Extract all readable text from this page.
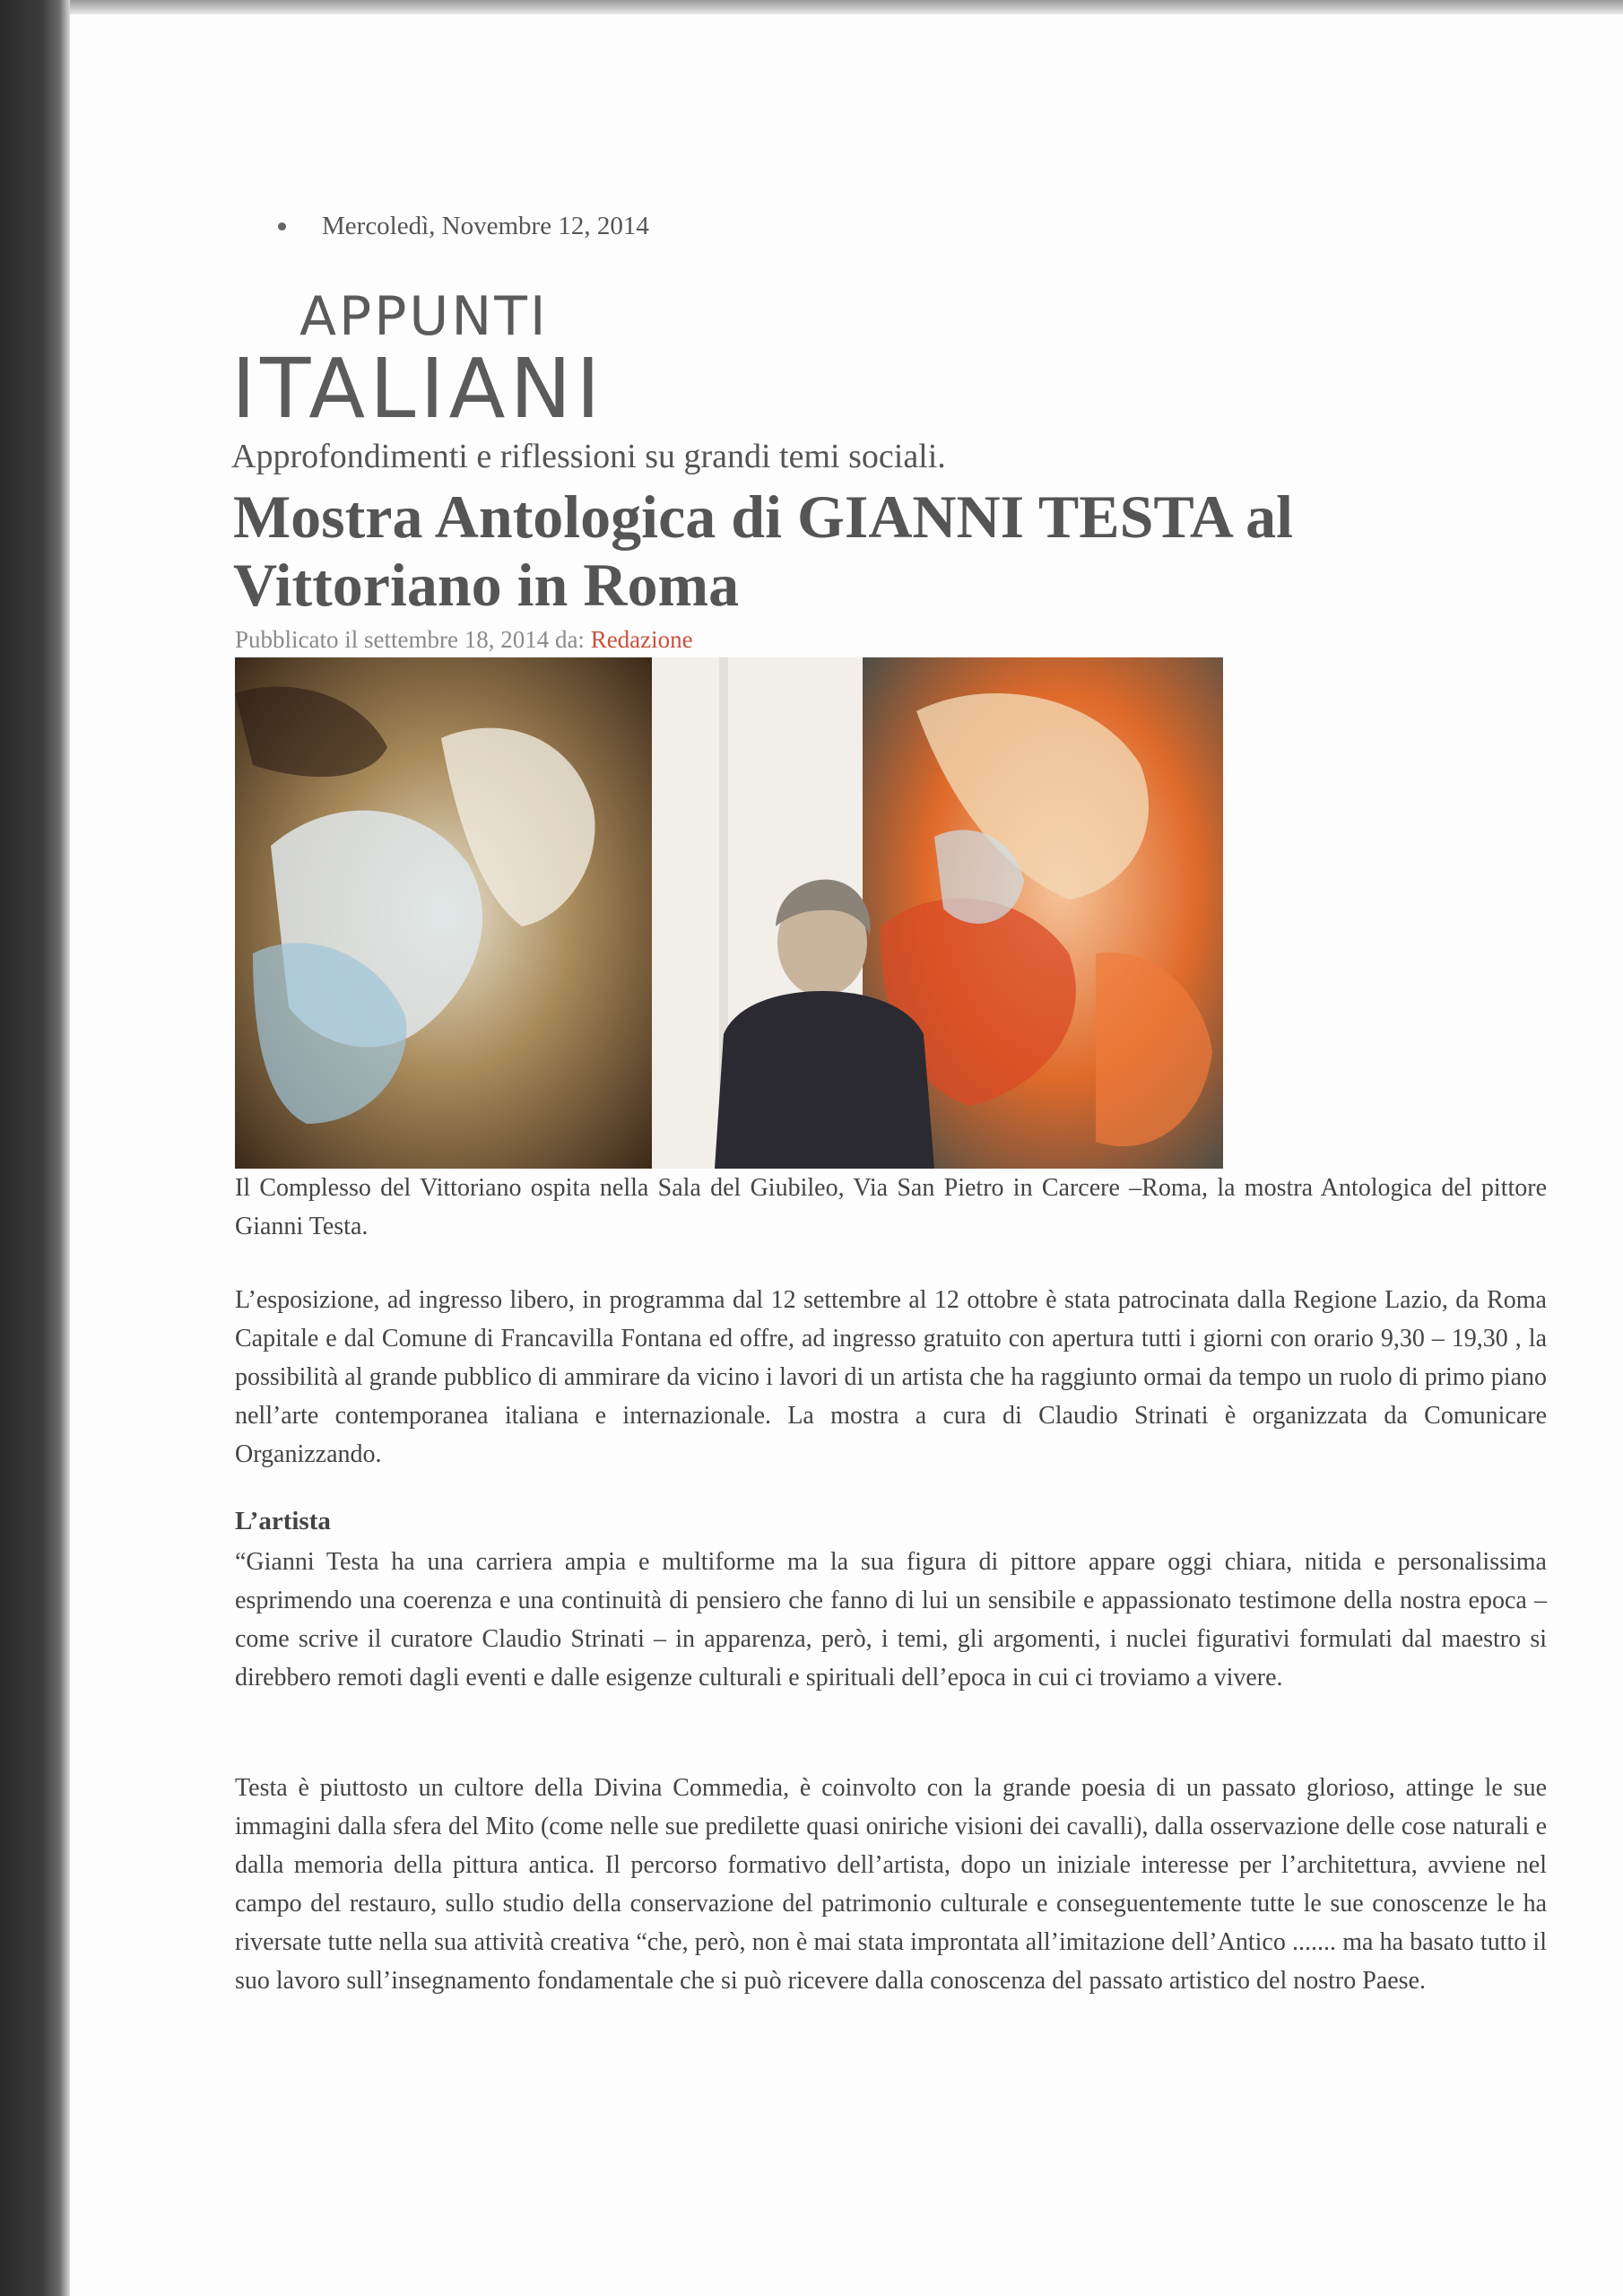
Mercoledì, Novembre 12, 2014
APPUNTI
ITALIANI
Approfondimenti e riflessioni su grandi temi sociali.
Mostra Antologica di GIANNI TESTA al Vittoriano in Roma
Pubblicato il settembre 18, 2014 da: Redazione
Il Complesso del Vittoriano ospita nella Sala del Giubileo, Via San Pietro in Carcere –Roma, la mostra Antologica del pittore Gianni Testa.
L’esposizione, ad ingresso libero, in programma dal 12 settembre al 12 ottobre è stata patrocinata dalla Regione Lazio, da Roma Capitale e dal Comune di Francavilla Fontana ed offre, ad ingresso gratuito con apertura tutti i giorni con orario 9,30 – 19,30 , la possibilità al grande pubblico di ammirare da vicino i lavori di un artista che ha raggiunto ormai da tempo un ruolo di primo piano nell’arte contemporanea italiana e internazionale. La mostra a cura di Claudio Strinati è organizzata da Comunicare Organizzando.
L’artista
“Gianni Testa ha una carriera ampia e multiforme ma la sua figura di pittore appare oggi chiara, nitida e personalissima esprimendo una coerenza e una continuità di pensiero che fanno di lui un sensibile e appassionato testimone della nostra epoca – come scrive il curatore Claudio Strinati – in apparenza, però, i temi, gli argomenti, i nuclei figurativi formulati dal maestro si direbbero remoti dagli eventi e dalle esigenze culturali e spirituali dell’epoca in cui ci troviamo a vivere.
Testa è piuttosto un cultore della Divina Commedia, è coinvolto con la grande poesia di un passato glorioso, attinge le sue immagini dalla sfera del Mito (come nelle sue predilette quasi oniriche visioni dei cavalli), dalla osservazione delle cose naturali e dalla memoria della pittura antica. Il percorso formativo dell’artista, dopo un iniziale interesse per l’architettura, avviene nel campo del restauro, sullo studio della conservazione del patrimonio culturale e conseguentemente tutte le sue conoscenze le ha riversate tutte nella sua attività creativa “che, però, non è mai stata improntata all’imitazione dell’Antico ....... ma ha basato tutto il suo lavoro sull’insegnamento fondamentale che si può ricevere dalla conoscenza del passato artistico del nostro Paese.
